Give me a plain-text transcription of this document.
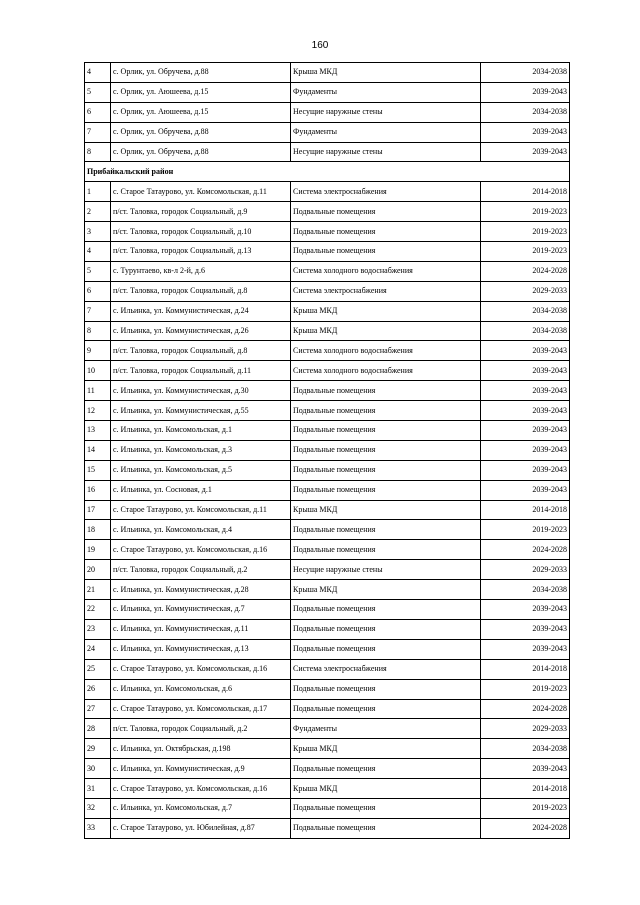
160
4	с. Орлик, ул. Обручева, д.88	Крыша МКД	2034-2038
5	с. Орлик, ул. Аюшеева, д.15	Фундаменты	2039-2043
6	с. Орлик, ул. Аюшеева, д.15	Несущие наружные стены	2034-2038
7	с. Орлик, ул. Обручева, д.88	Фундаменты	2039-2043
8	с. Орлик, ул. Обручева, д.88	Несущие наружные стены	2039-2043
Прибайкальский район			
1	с. Старое Татаурово, ул. Комсомольская, д.11	Система электроснабжения	2014-2018
2	п/ст. Таловка, городок Социальный, д.9	Подвальные помещения	2019-2023
3	п/ст. Таловка, городок Социальный, д.10	Подвальные помещения	2019-2023
4	п/ст. Таловка, городок Социальный, д.13	Подвальные помещения	2019-2023
5	с. Турунтаево, кв-л 2-й, д.6	Система холодного водоснабжения	2024-2028
6	п/ст. Таловка, городок Социальный, д.8	Система электроснабжения	2029-2033
7	с. Ильинка, ул. Коммунистическая, д.24	Крыша МКД	2034-2038
8	с. Ильинка, ул. Коммунистическая, д.26	Крыша МКД	2034-2038
9	п/ст. Таловка, городок Социальный, д.8	Система холодного водоснабжения	2039-2043
10	п/ст. Таловка, городок Социальный, д.11	Система холодного водоснабжения	2039-2043
11	с. Ильинка, ул. Коммунистическая, д.30	Подвальные помещения	2039-2043
12	с. Ильинка, ул. Коммунистическая, д.55	Подвальные помещения	2039-2043
13	с. Ильинка, ул. Комсомольская, д.1	Подвальные помещения	2039-2043
14	с. Ильинка, ул. Комсомольская, д.3	Подвальные помещения	2039-2043
15	с. Ильинка, ул. Комсомольская, д.5	Подвальные помещения	2039-2043
16	с. Ильинка, ул. Сосновая, д.1	Подвальные помещения	2039-2043
17	с. Старое Татаурово, ул. Комсомольская, д.11	Крыша МКД	2014-2018
18	с. Ильинка, ул. Комсомольская, д.4	Подвальные помещения	2019-2023
19	с. Старое Татаурово, ул. Комсомольская, д.16	Подвальные помещения	2024-2028
20	п/ст. Таловка, городок Социальный, д.2	Несущие наружные стены	2029-2033
21	с. Ильинка, ул. Коммунистическая, д.28	Крыша МКД	2034-2038
22	с. Ильинка, ул. Коммунистическая, д.7	Подвальные помещения	2039-2043
23	с. Ильинка, ул. Коммунистическая, д.11	Подвальные помещения	2039-2043
24	с. Ильинка, ул. Коммунистическая, д.13	Подвальные помещения	2039-2043
25	с. Старое Татаурово, ул. Комсомольская, д.16	Система электроснабжения	2014-2018
26	с. Ильинка, ул. Комсомольская, д.6	Подвальные помещения	2019-2023
27	с. Старое Татаурово, ул. Комсомольская, д.17	Подвальные помещения	2024-2028
28	п/ст. Таловка, городок Социальный, д.2	Фундаменты	2029-2033
29	с. Ильинка, ул. Октябрьская, д.198	Крыша МКД	2034-2038
30	с. Ильинка, ул. Коммунистическая, д.9	Подвальные помещения	2039-2043
31	с. Старое Татаурово, ул. Комсомольская, д.16	Крыша МКД	2014-2018
32	с. Ильинка, ул. Комсомольская, д.7	Подвальные помещения	2019-2023
33	с. Старое Татаурово, ул. Юбилейная, д.87	Подвальные помещения	2024-2028
